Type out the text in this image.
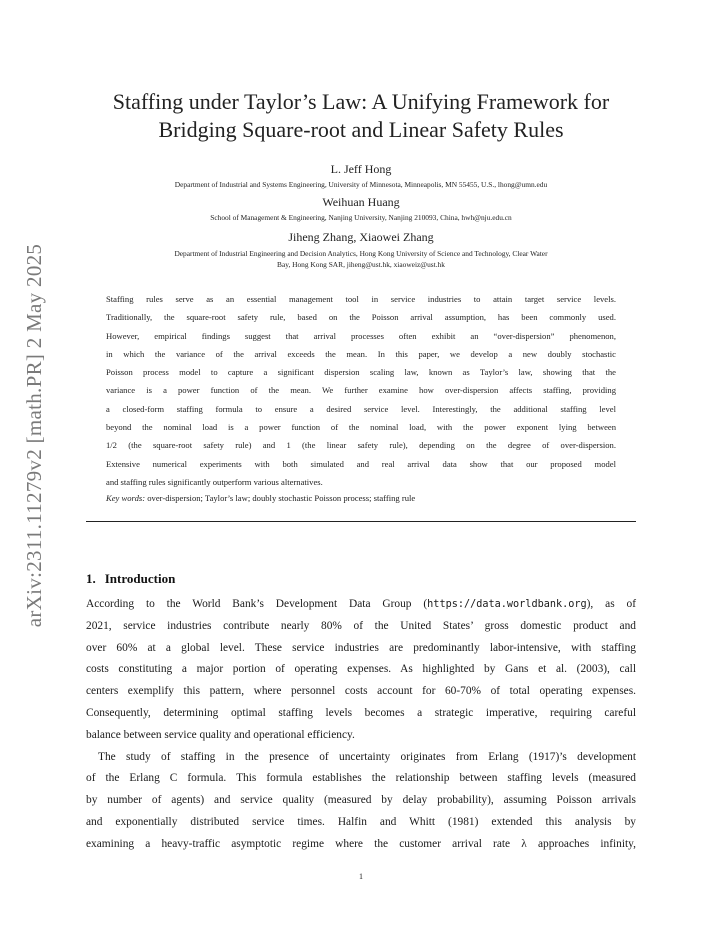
arXiv:2311.11279v2 [math.PR] 2 May 2025
Staffing under Taylor’s Law: A Unifying Framework for
Bridging Square-root and Linear Safety Rules
L. Jeff Hong
Department of Industrial and Systems Engineering, University of Minnesota, Minneapolis, MN 55455, U.S., lhong@umn.edu
Weihuan Huang
School of Management & Engineering, Nanjing University, Nanjing 210093, China, hwh@nju.edu.cn
Jiheng Zhang, Xiaowei Zhang
Department of Industrial Engineering and Decision Analytics, Hong Kong University of Science and Technology, Clear Water
Bay, Hong Kong SAR, jiheng@ust.hk, xiaoweiz@ust.hk
Staffing rules serve as an essential management tool in service industries to attain target service levels.
Traditionally, the square-root safety rule, based on the Poisson arrival assumption, has been commonly used.
However, empirical findings suggest that arrival processes often exhibit an “over-dispersion” phenomenon,
in which the variance of the arrival exceeds the mean. In this paper, we develop a new doubly stochastic
Poisson process model to capture a significant dispersion scaling law, known as Taylor’s law, showing that the
variance is a power function of the mean. We further examine how over-dispersion affects staffing, providing
a closed-form staffing formula to ensure a desired service level. Interestingly, the additional staffing level
beyond the nominal load is a power function of the nominal load, with the power exponent lying between
1/2 (the square-root safety rule) and 1 (the linear safety rule), depending on the degree of over-dispersion.
Extensive numerical experiments with both simulated and real arrival data show that our proposed model
and staffing rules significantly outperform various alternatives.
Key words: over-dispersion; Taylor’s law; doubly stochastic Poisson process; staffing rule
1. Introduction
According to the World Bank’s Development Data Group (https://data.worldbank.org), as of
2021, service industries contribute nearly 80% of the United States’ gross domestic product and
over 60% at a global level. These service industries are predominantly labor-intensive, with staffing
costs constituting a major portion of operating expenses. As highlighted by Gans et al. (2003), call
centers exemplify this pattern, where personnel costs account for 60-70% of total operating expenses.
Consequently, determining optimal staffing levels becomes a strategic imperative, requiring careful
balance between service quality and operational efficiency.
The study of staffing in the presence of uncertainty originates from Erlang (1917)’s development
of the Erlang C formula. This formula establishes the relationship between staffing levels (measured
by number of agents) and service quality (measured by delay probability), assuming Poisson arrivals
and exponentially distributed service times. Halfin and Whitt (1981) extended this analysis by
examining a heavy-traffic asymptotic regime where the customer arrival rate λ approaches infinity,
1
